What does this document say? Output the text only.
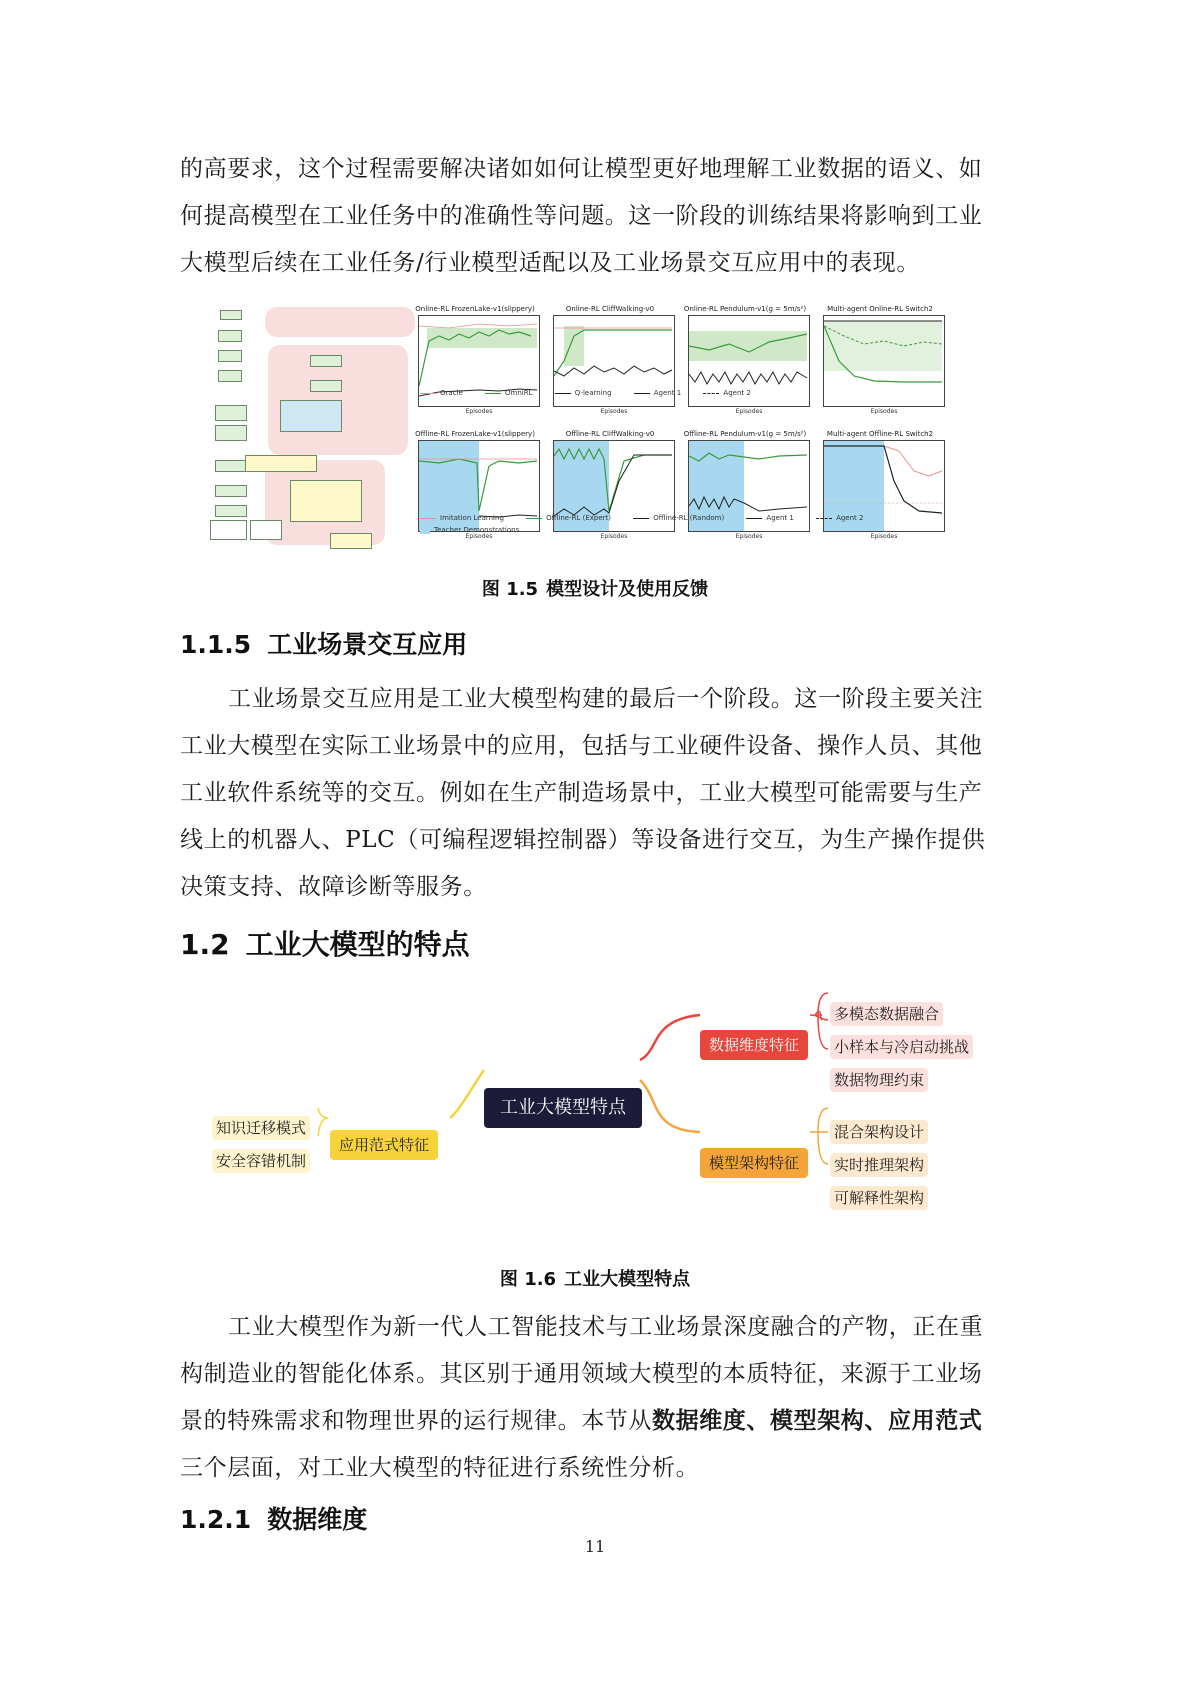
的高要求，这个过程需要解决诸如如何让模型更好地理解工业数据的语义、如
何提高模型在工业任务中的准确性等问题。这一阶段的训练结果将影响到工业
大模型后续在工业任务/行业模型适配以及工业场景交互应用中的表现。
Online-RL FrozenLake-v1(slippery)
Episodes
Online-RL CliffWalking-v0
Episodes
Online-RL Pendulum-v1(g = 5m/s²)
Episodes
Multi-agent Online-RL Switch2
Episodes
Oracle	OmniRL	Q-learning	Agent 1	Agent 2
Offline-RL FrozenLake-v1(slippery)
Episodes
Offline-RL CliffWalking-v0
Episodes
Offline-RL Pendulum-v1(g = 5m/s²)
Episodes
Multi-agent Offline-RL Switch2
Episodes
Imitation Learning	Offline-RL (Expert)	Offline-RL (Random)	Agent 1	Agent 2 Teacher Demonstrations
图 1.5 模型设计及使用反馈
1.1.5 工业场景交互应用
工业场景交互应用是工业大模型构建的最后一个阶段。这一阶段主要关注
工业大模型在实际工业场景中的应用，包括与工业硬件设备、操作人员、其他
工业软件系统等的交互。例如在生产制造场景中，工业大模型可能需要与生产
线上的机器人、PLC（可编程逻辑控制器）等设备进行交互，为生产操作提供
决策支持、故障诊断等服务。
1.2 工业大模型的特点
工业大模型特点
数据维度特征
多模态数据融合
小样本与冷启动挑战
数据物理约束
模型架构特征
混合架构设计
实时推理架构
可解释性架构
应用范式特征
知识迁移模式
安全容错机制
图 1.6 工业大模型特点
工业大模型作为新一代人工智能技术与工业场景深度融合的产物，正在重
构制造业的智能化体系。其区别于通用领域大模型的本质特征，来源于工业场
景的特殊需求和物理世界的运行规律。本节从数据维度、模型架构、应用范式
三个层面，对工业大模型的特征进行系统性分析。
1.2.1 数据维度
11
